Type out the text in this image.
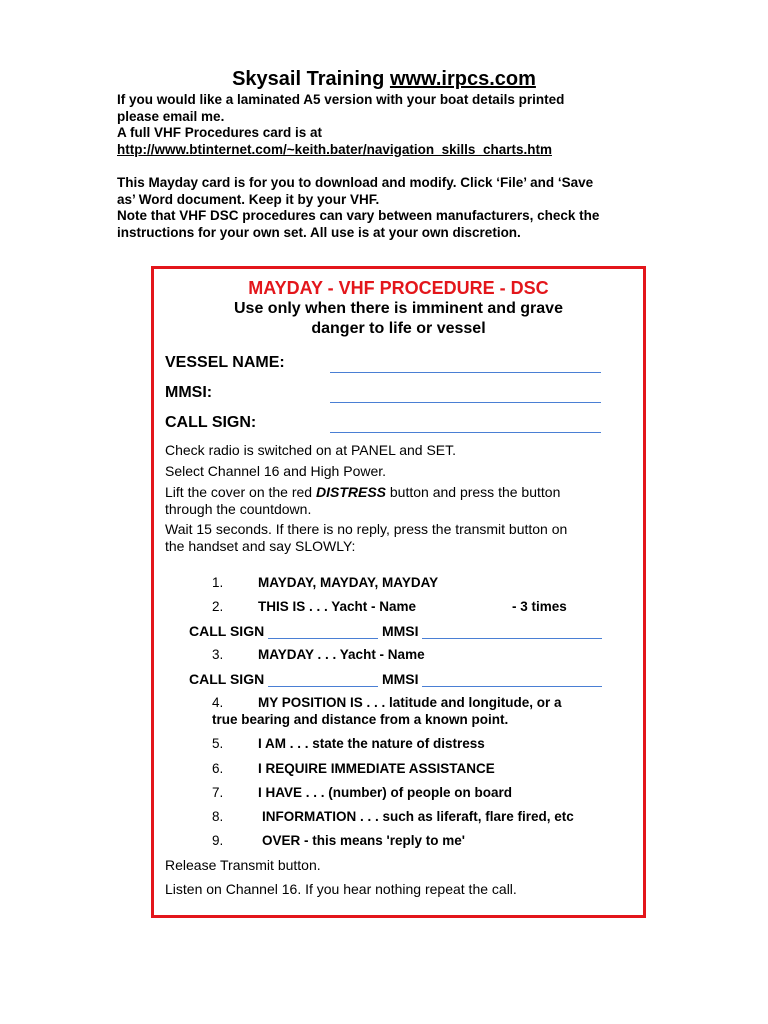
Skysail Training www.irpcs.com
If you would like a laminated A5 version with your boat details printed
please email me.
A full VHF Procedures card is at
http://www.btinternet.com/~keith.bater/navigation_skills_charts.htm
This Mayday card is for you to download and modify. Click ‘File’ and ‘Save
as’ Word document. Keep it by your VHF.
Note that VHF DSC procedures can vary between manufacturers, check the
instructions for your own set. All use is at your own discretion.
MAYDAY - VHF PROCEDURE - DSC
Use only when there is imminent and grave
danger to life or vessel
VESSEL NAME:
MMSI:
CALL SIGN:
Check radio is switched on at PANEL and SET.
Select Channel 16 and High Power.
Lift the cover on the red DISTRESS button and press the button
through the countdown.
Wait 15 seconds. If there is no reply, press the transmit button on
the handset and say SLOWLY:
1.	MAYDAY, MAYDAY, MAYDAY
2.	THIS IS . . . Yacht - Name	- 3 times
CALL SIGN	MMSI
3.	MAYDAY . . . Yacht - Name
CALL SIGN	MMSI
4.	MY POSITION IS . . . latitude and longitude, or a
true bearing and distance from a known point.
5.	I AM . . . state the nature of distress
6.	I REQUIRE IMMEDIATE ASSISTANCE
7.	I HAVE . . . (number) of people on board
8.	INFORMATION . . . such as liferaft, flare fired, etc
9.	OVER - this means 'reply to me'
Release Transmit button.
Listen on Channel 16. If you hear nothing repeat the call.
